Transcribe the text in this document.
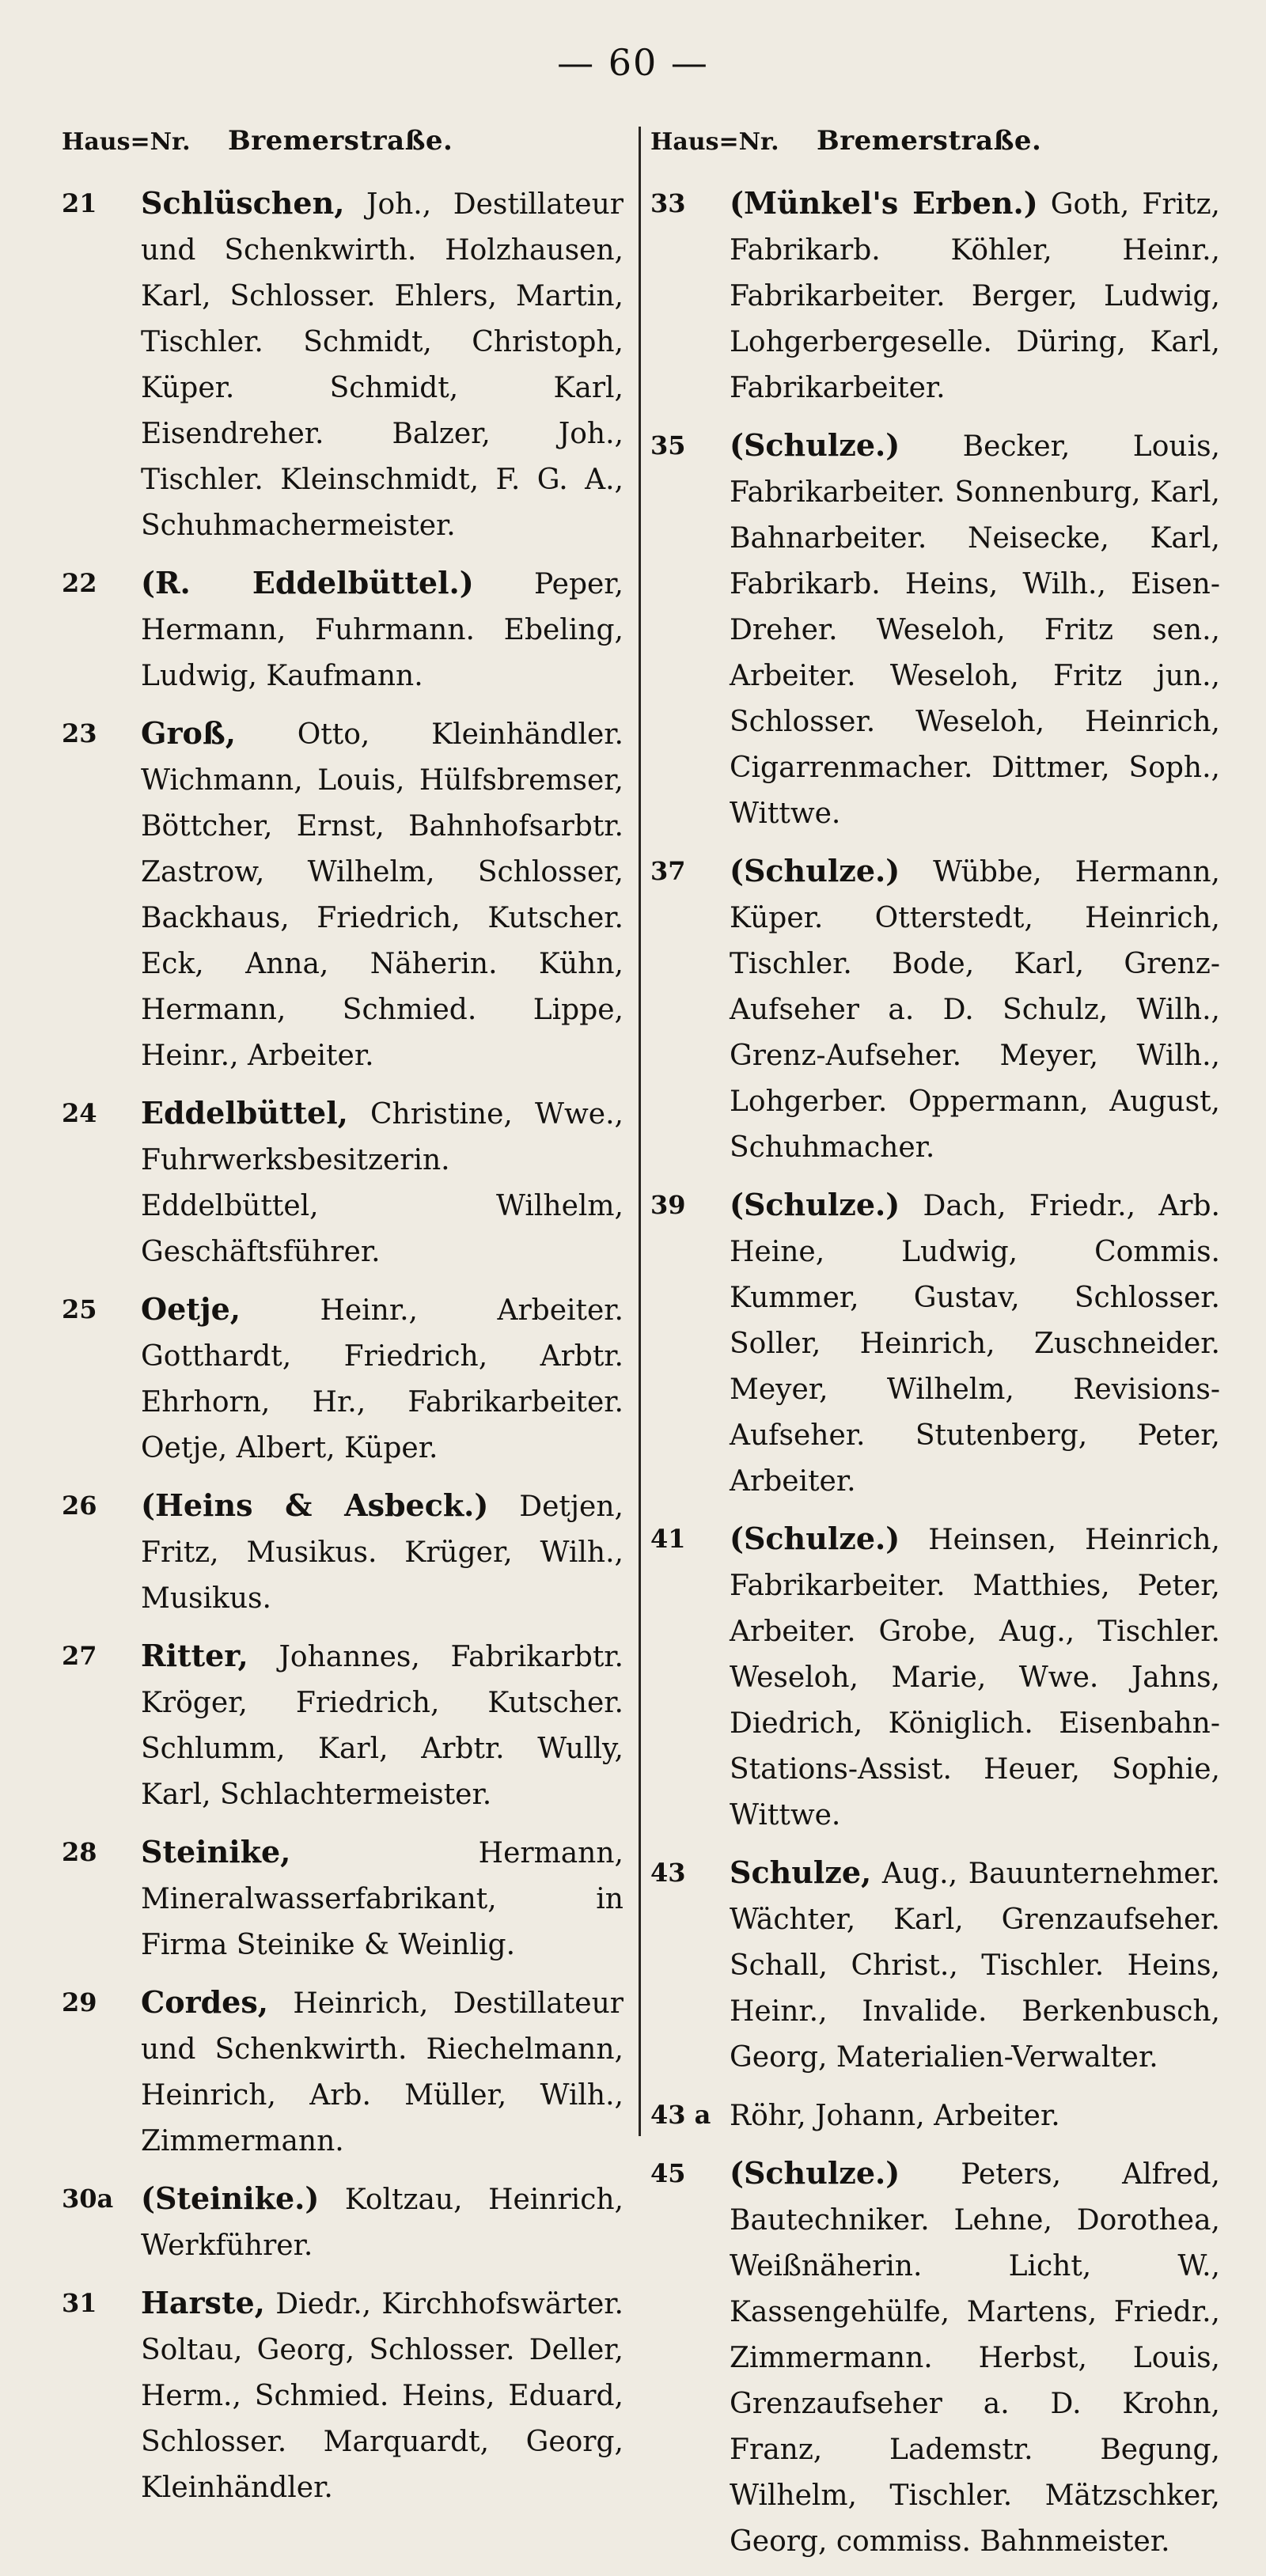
— 60 —
Haus=Nr.	Bremerstraße.
21	Schlüschen, Joh., Destillateur und Schenkwirth. Holzhausen, Karl, Schlosser. Ehlers, Martin, Tischler. Schmidt, Christoph, Küper. Schmidt, Karl, Eisendreher. Balzer, Joh., Tischler. Kleinschmidt, F. G. A., Schuhmachermeister.
22	(R. Eddelbüttel.) Peper, Hermann, Fuhrmann. Ebeling, Ludwig, Kaufmann.
23	Groß, Otto, Kleinhändler. Wichmann, Louis, Hülfsbremser, Böttcher, Ernst, Bahnhofsarbtr. Zastrow, Wilhelm, Schlosser, Backhaus, Friedrich, Kutscher. Eck, Anna, Näherin. Kühn, Hermann, Schmied. Lippe, Heinr., Arbeiter.
24	Eddelbüttel, Christine, Wwe., Fuhrwerksbesitzerin. Eddelbüttel, Wilhelm, Geschäftsführer.
25	Oetje, Heinr., Arbeiter. Gotthardt, Friedrich, Arbtr. Ehrhorn, Hr., Fabrikarbeiter. Oetje, Albert, Küper.
26	(Heins & Asbeck.) Detjen, Fritz, Musikus. Krüger, Wilh., Musikus.
27	Ritter, Johannes, Fabrikarbtr. Kröger, Friedrich, Kutscher. Schlumm, Karl, Arbtr. Wully, Karl, Schlachtermeister.
28	Steinike, Hermann, Mineralwasserfabrikant, in Firma Steinike & Weinlig.
29	Cordes, Heinrich, Destillateur und Schenkwirth. Riechelmann, Heinrich, Arb. Müller, Wilh., Zimmermann.
30a (Steinike.) Koltzau, Heinrich, Werkführer.
31	Harste, Diedr., Kirchhofswärter. Soltau, Georg, Schlosser. Deller, Herm., Schmied. Heins, Eduard, Schlosser. Marquardt, Georg, Kleinhändler.
Haus=Nr.	Bremerstraße.
33	(Münkel's Erben.) Goth, Fritz, Fabrikarb. Köhler, Heinr., Fabrikarbeiter. Berger, Ludwig, Lohgerbergeselle. Düring, Karl, Fabrikarbeiter.
35	(Schulze.) Becker, Louis, Fabrikarbeiter. Sonnenburg, Karl, Bahnarbeiter. Neisecke, Karl, Fabrikarb. Heins, Wilh., Eisen-Dreher. Weseloh, Fritz sen., Arbeiter. Weseloh, Fritz jun., Schlosser. Weseloh, Heinrich, Cigarrenmacher. Dittmer, Soph., Wittwe.
37	(Schulze.) Wübbe, Hermann, Küper. Otterstedt, Heinrich, Tischler. Bode, Karl, Grenz-Aufseher a. D. Schulz, Wilh., Grenz-Aufseher. Meyer, Wilh., Lohgerber. Oppermann, August, Schuhmacher.
39	(Schulze.) Dach, Friedr., Arb. Heine, Ludwig, Commis. Kummer, Gustav, Schlosser. Soller, Heinrich, Zuschneider. Meyer, Wilhelm, Revisions-Aufseher. Stutenberg, Peter, Arbeiter.
41	(Schulze.) Heinsen, Heinrich, Fabrikarbeiter. Matthies, Peter, Arbeiter. Grobe, Aug., Tischler. Weseloh, Marie, Wwe. Jahns, Diedrich, Königlich. Eisenbahn-Stations-Assist. Heuer, Sophie, Wittwe.
43	Schulze, Aug., Bauunternehmer. Wächter, Karl, Grenzaufseher. Schall, Christ., Tischler. Heins, Heinr., Invalide. Berkenbusch, Georg, Materialien-Verwalter.
43 a Röhr, Johann, Arbeiter.
45	(Schulze.) Peters, Alfred, Bautechniker. Lehne, Dorothea, Weißnäherin. Licht, W., Kassengehülfe, Martens, Friedr., Zimmermann. Herbst, Louis, Grenzaufseher a. D. Krohn, Franz, Lademstr. Begung, Wilhelm, Tischler. Mätzschker, Georg, commiss. Bahnmeister.
